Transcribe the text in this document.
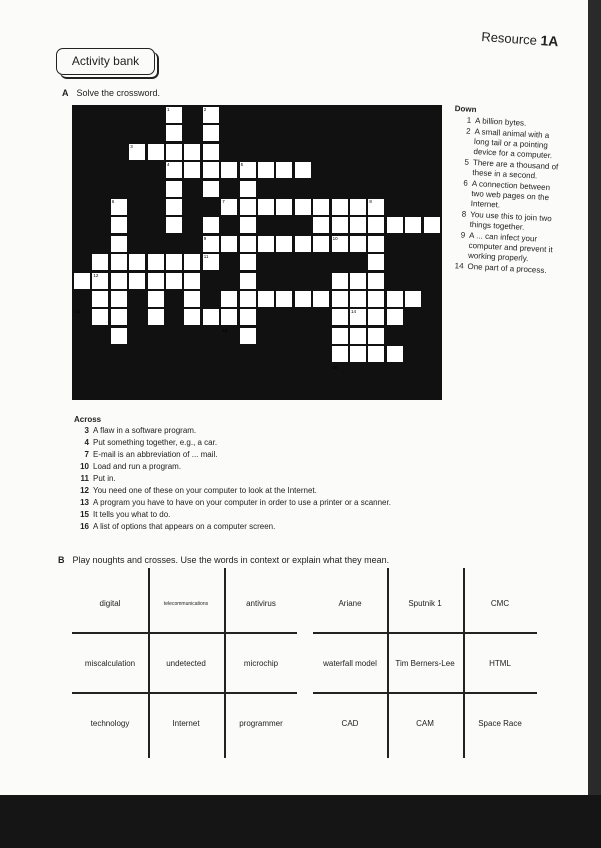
Resource 1A
Activity bank
A Solve the crossword.
1	2
3
4	5
6	7	8
9	10
11
12
13	14
15
16
Down
1 A billion bytes.
2 A small animal with a long tail or a pointing device for a computer.
5 There are a thousand of these in a second.
6 A connection between two web pages on the Internet.
8 You use this to join two things together.
9 A ... can infect your computer and prevent it working properly.
14 One part of a process.
Across
3 A flaw in a software program.
4 Put something together, e.g., a car.
7 E-mail is an abbreviation of ... mail.
10 Load and run a program.
11 Put in.
12 You need one of these on your computer to look at the Internet.
13 A program you have to have on your computer in order to use a printer or a scanner.
15 It tells you what to do.
16 A list of options that appears on a computer screen.
B Play noughts and crosses. Use the words in context or explain what they mean.
digital	telecommunications	antivirus
miscalculation	undetected	microchip
technology	Internet	programmer
Ariane	Sputnik 1	CMC
waterfall model	Tim Berners-Lee	HTML
CAD	CAM	Space Race
